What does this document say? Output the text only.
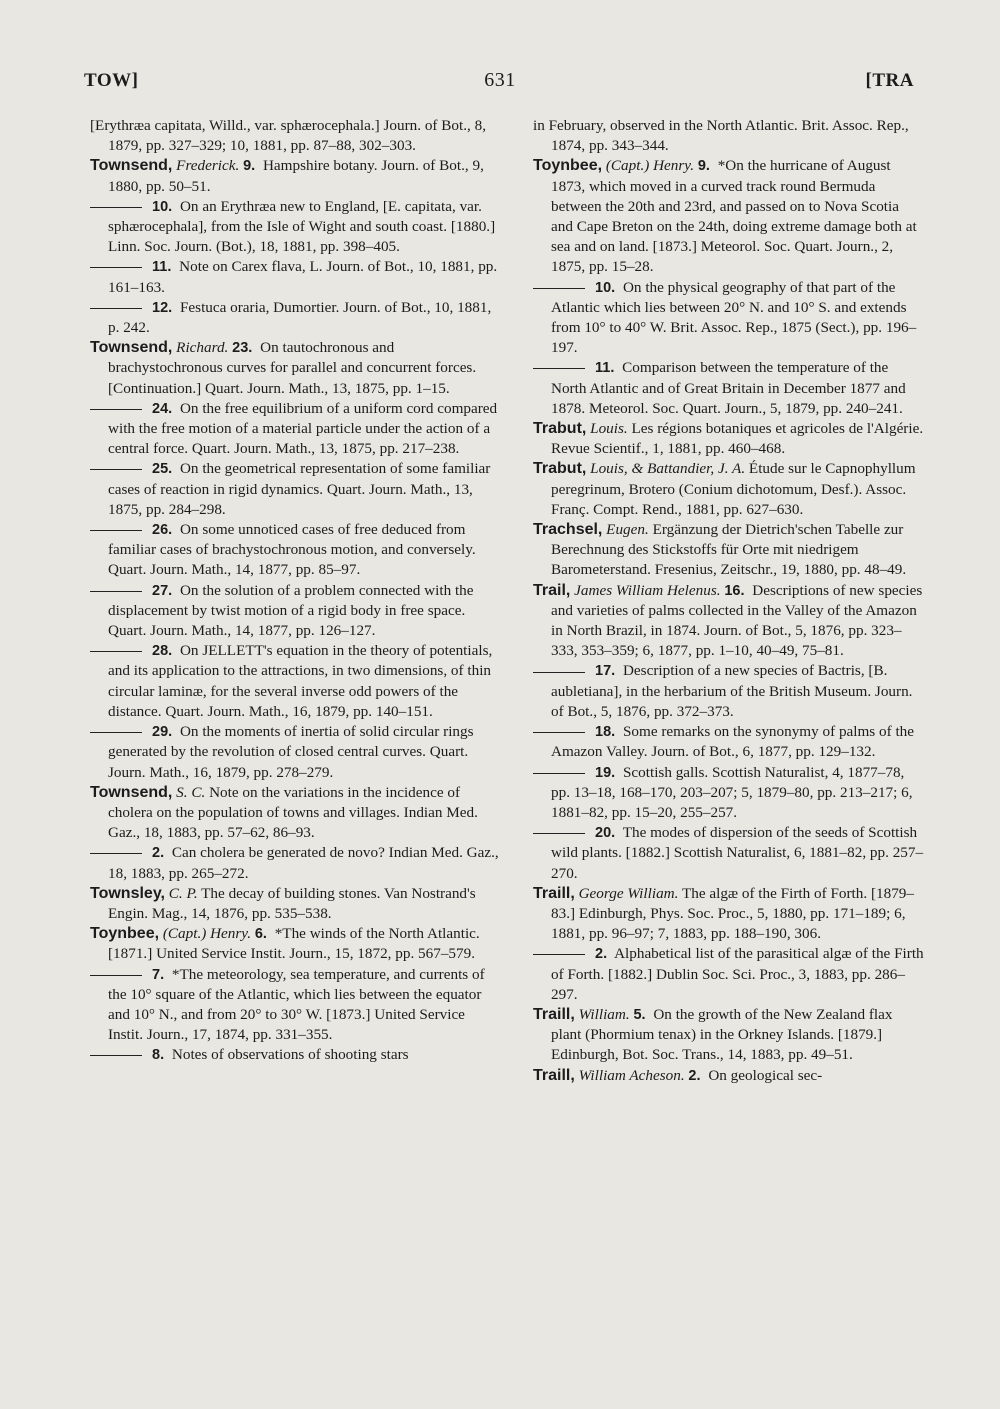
TOW]	631	[TRA

[Erythræa capitata, Willd., var. sphærocephala.] Journ. of Bot., 8, 1879, pp. 327–329; 10, 1881, pp. 87–88, 302–303.

Townsend, Frederick. 9. Hampshire botany. Journ. of Bot., 9, 1880, pp. 50–51.

10. On an Erythræa new to England, [E. capitata, var. sphærocephala], from the Isle of Wight and south coast. [1880.] Linn. Soc. Journ. (Bot.), 18, 1881, pp. 398–405.

11. Note on Carex flava, L. Journ. of Bot., 10, 1881, pp. 161–163.

12. Festuca oraria, Dumortier. Journ. of Bot., 10, 1881, p. 242.

Townsend, Richard. 23. On tautochronous and brachystochronous curves for parallel and concurrent forces. [Continuation.] Quart. Journ. Math., 13, 1875, pp. 1–15.

24. On the free equilibrium of a uniform cord compared with the free motion of a material particle under the action of a central force. Quart. Journ. Math., 13, 1875, pp. 217–238.

25. On the geometrical representation of some familiar cases of reaction in rigid dynamics. Quart. Journ. Math., 13, 1875, pp. 284–298.

26. On some unnoticed cases of free deduced from familiar cases of brachystochronous motion, and conversely. Quart. Journ. Math., 14, 1877, pp. 85–97.

27. On the solution of a problem connected with the displacement by twist motion of a rigid body in free space. Quart. Journ. Math., 14, 1877, pp. 126–127.

28. On JELLETT's equation in the theory of potentials, and its application to the attractions, in two dimensions, of thin circular laminæ, for the several inverse odd powers of the distance. Quart. Journ. Math., 16, 1879, pp. 140–151.

29. On the moments of inertia of solid circular rings generated by the revolution of closed central curves. Quart. Journ. Math., 16, 1879, pp. 278–279.

Townsend, S. C. Note on the variations in the incidence of cholera on the population of towns and villages. Indian Med. Gaz., 18, 1883, pp. 57–62, 86–93.

2. Can cholera be generated de novo? Indian Med. Gaz., 18, 1883, pp. 265–272.

Townsley, C. P. The decay of building stones. Van Nostrand's Engin. Mag., 14, 1876, pp. 535–538.

Toynbee, (Capt.) Henry. 6. *The winds of the North Atlantic. [1871.] United Service Instit. Journ., 15, 1872, pp. 567–579.

7. *The meteorology, sea temperature, and currents of the 10° square of the Atlantic, which lies between the equator and 10° N., and from 20° to 30° W. [1873.] United Service Instit. Journ., 17, 1874, pp. 331–355.

8. Notes of observations of shooting stars

in February, observed in the North Atlantic. Brit. Assoc. Rep., 1874, pp. 343–344.

Toynbee, (Capt.) Henry. 9. *On the hurricane of August 1873, which moved in a curved track round Bermuda between the 20th and 23rd, and passed on to Nova Scotia and Cape Breton on the 24th, doing extreme damage both at sea and on land. [1873.] Meteorol. Soc. Quart. Journ., 2, 1875, pp. 15–28.

10. On the physical geography of that part of the Atlantic which lies between 20° N. and 10° S. and extends from 10° to 40° W. Brit. Assoc. Rep., 1875 (Sect.), pp. 196–197.

11. Comparison between the temperature of the North Atlantic and of Great Britain in December 1877 and 1878. Meteorol. Soc. Quart. Journ., 5, 1879, pp. 240–241.

Trabut, Louis. Les régions botaniques et agricoles de l'Algérie. Revue Scientif., 1, 1881, pp. 460–468.

Trabut, Louis, & Battandier, J. A. Étude sur le Capnophyllum peregrinum, Brotero (Conium dichotomum, Desf.). Assoc. Franç. Compt. Rend., 1881, pp. 627–630.

Trachsel, Eugen. Ergänzung der Dietrich'schen Tabelle zur Berechnung des Stickstoffs für Orte mit niedrigem Barometerstand. Fresenius, Zeitschr., 19, 1880, pp. 48–49.

Trail, James William Helenus. 16. Descriptions of new species and varieties of palms collected in the Valley of the Amazon in North Brazil, in 1874. Journ. of Bot., 5, 1876, pp. 323–333, 353–359; 6, 1877, pp. 1–10, 40–49, 75–81.

17. Description of a new species of Bactris, [B. aubletiana], in the herbarium of the British Museum. Journ. of Bot., 5, 1876, pp. 372–373.

18. Some remarks on the synonymy of palms of the Amazon Valley. Journ. of Bot., 6, 1877, pp. 129–132.

19. Scottish galls. Scottish Naturalist, 4, 1877–78, pp. 13–18, 168–170, 203–207; 5, 1879–80, pp. 213–217; 6, 1881–82, pp. 15–20, 255–257.

20. The modes of dispersion of the seeds of Scottish wild plants. [1882.] Scottish Naturalist, 6, 1881–82, pp. 257–270.

Traill, George William. The algæ of the Firth of Forth. [1879–83.] Edinburgh, Phys. Soc. Proc., 5, 1880, pp. 171–189; 6, 1881, pp. 96–97; 7, 1883, pp. 188–190, 306.

2. Alphabetical list of the parasitical algæ of the Firth of Forth. [1882.] Dublin Soc. Sci. Proc., 3, 1883, pp. 286–297.

Traill, William. 5. On the growth of the New Zealand flax plant (Phormium tenax) in the Orkney Islands. [1879.] Edinburgh, Bot. Soc. Trans., 14, 1883, pp. 49–51.

Traill, William Acheson. 2. On geological sec-
